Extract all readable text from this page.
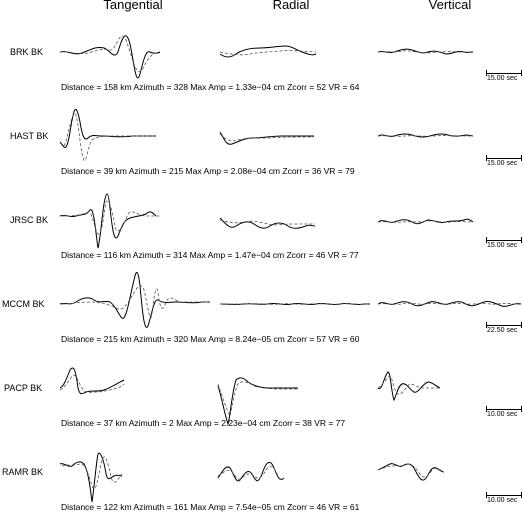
Tangential	Radial	Vertical
BRK BK
Distance = 158 km Azimuth = 328 Max Amp = 1.33e−04 cm Zcorr = 52 VR = 64
15.00 sec
HAST BK
Distance = 39 km Azimuth = 215 Max Amp = 2.08e−04 cm Zcorr = 36 VR = 79
15.00 sec
JRSC BK
Distance = 116 km Azimuth = 314 Max Amp = 1.47e−04 cm Zcorr = 46 VR = 77
15.00 sec
MCCM BK
Distance = 215 km Azimuth = 320 Max Amp = 8.24e−05 cm Zcorr = 57 VR = 60
22.50 sec
PACP BK
Distance = 37 km Azimuth = 2 Max Amp = 2.23e−04 cm Zcorr = 38 VR = 77
10.00 sec
RAMR BK
Distance = 122 km Azimuth = 161 Max Amp = 7.54e−05 cm Zcorr = 46 VR = 61
10.00 sec
